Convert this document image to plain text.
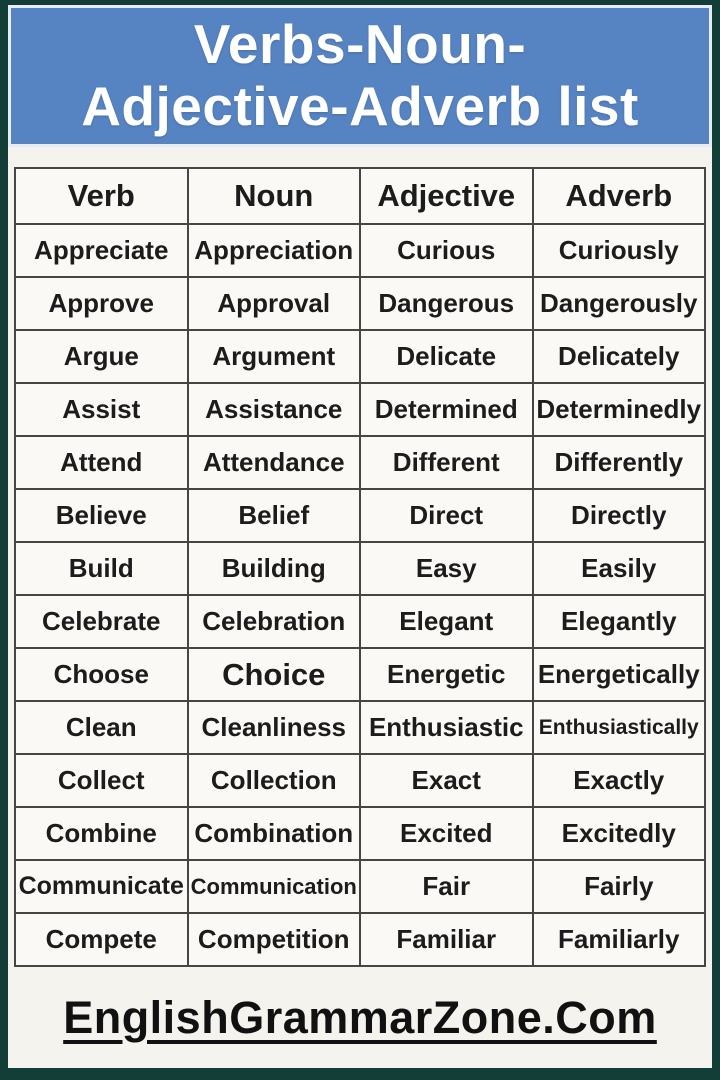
Verbs-Noun-
Adjective-Adverb list
Verb	Noun	Adjective	Adverb
Appreciate	Appreciation	Curious	Curiously
Approve	Approval	Dangerous	Dangerously
Argue	Argument	Delicate	Delicately
Assist	Assistance	Determined	Determinedly
Attend	Attendance	Different	Differently
Believe	Belief	Direct	Directly
Build	Building	Easy	Easily
Celebrate	Celebration	Elegant	Elegantly
Choose	Choice	Energetic	Energetically
Clean	Cleanliness	Enthusiastic	Enthusiastically
Collect	Collection	Exact	Exactly
Combine	Combination	Excited	Excitedly
Communicate	Communication	Fair	Fairly
Compete	Competition	Familiar	Familiarly
EnglishGrammarZone.Com
